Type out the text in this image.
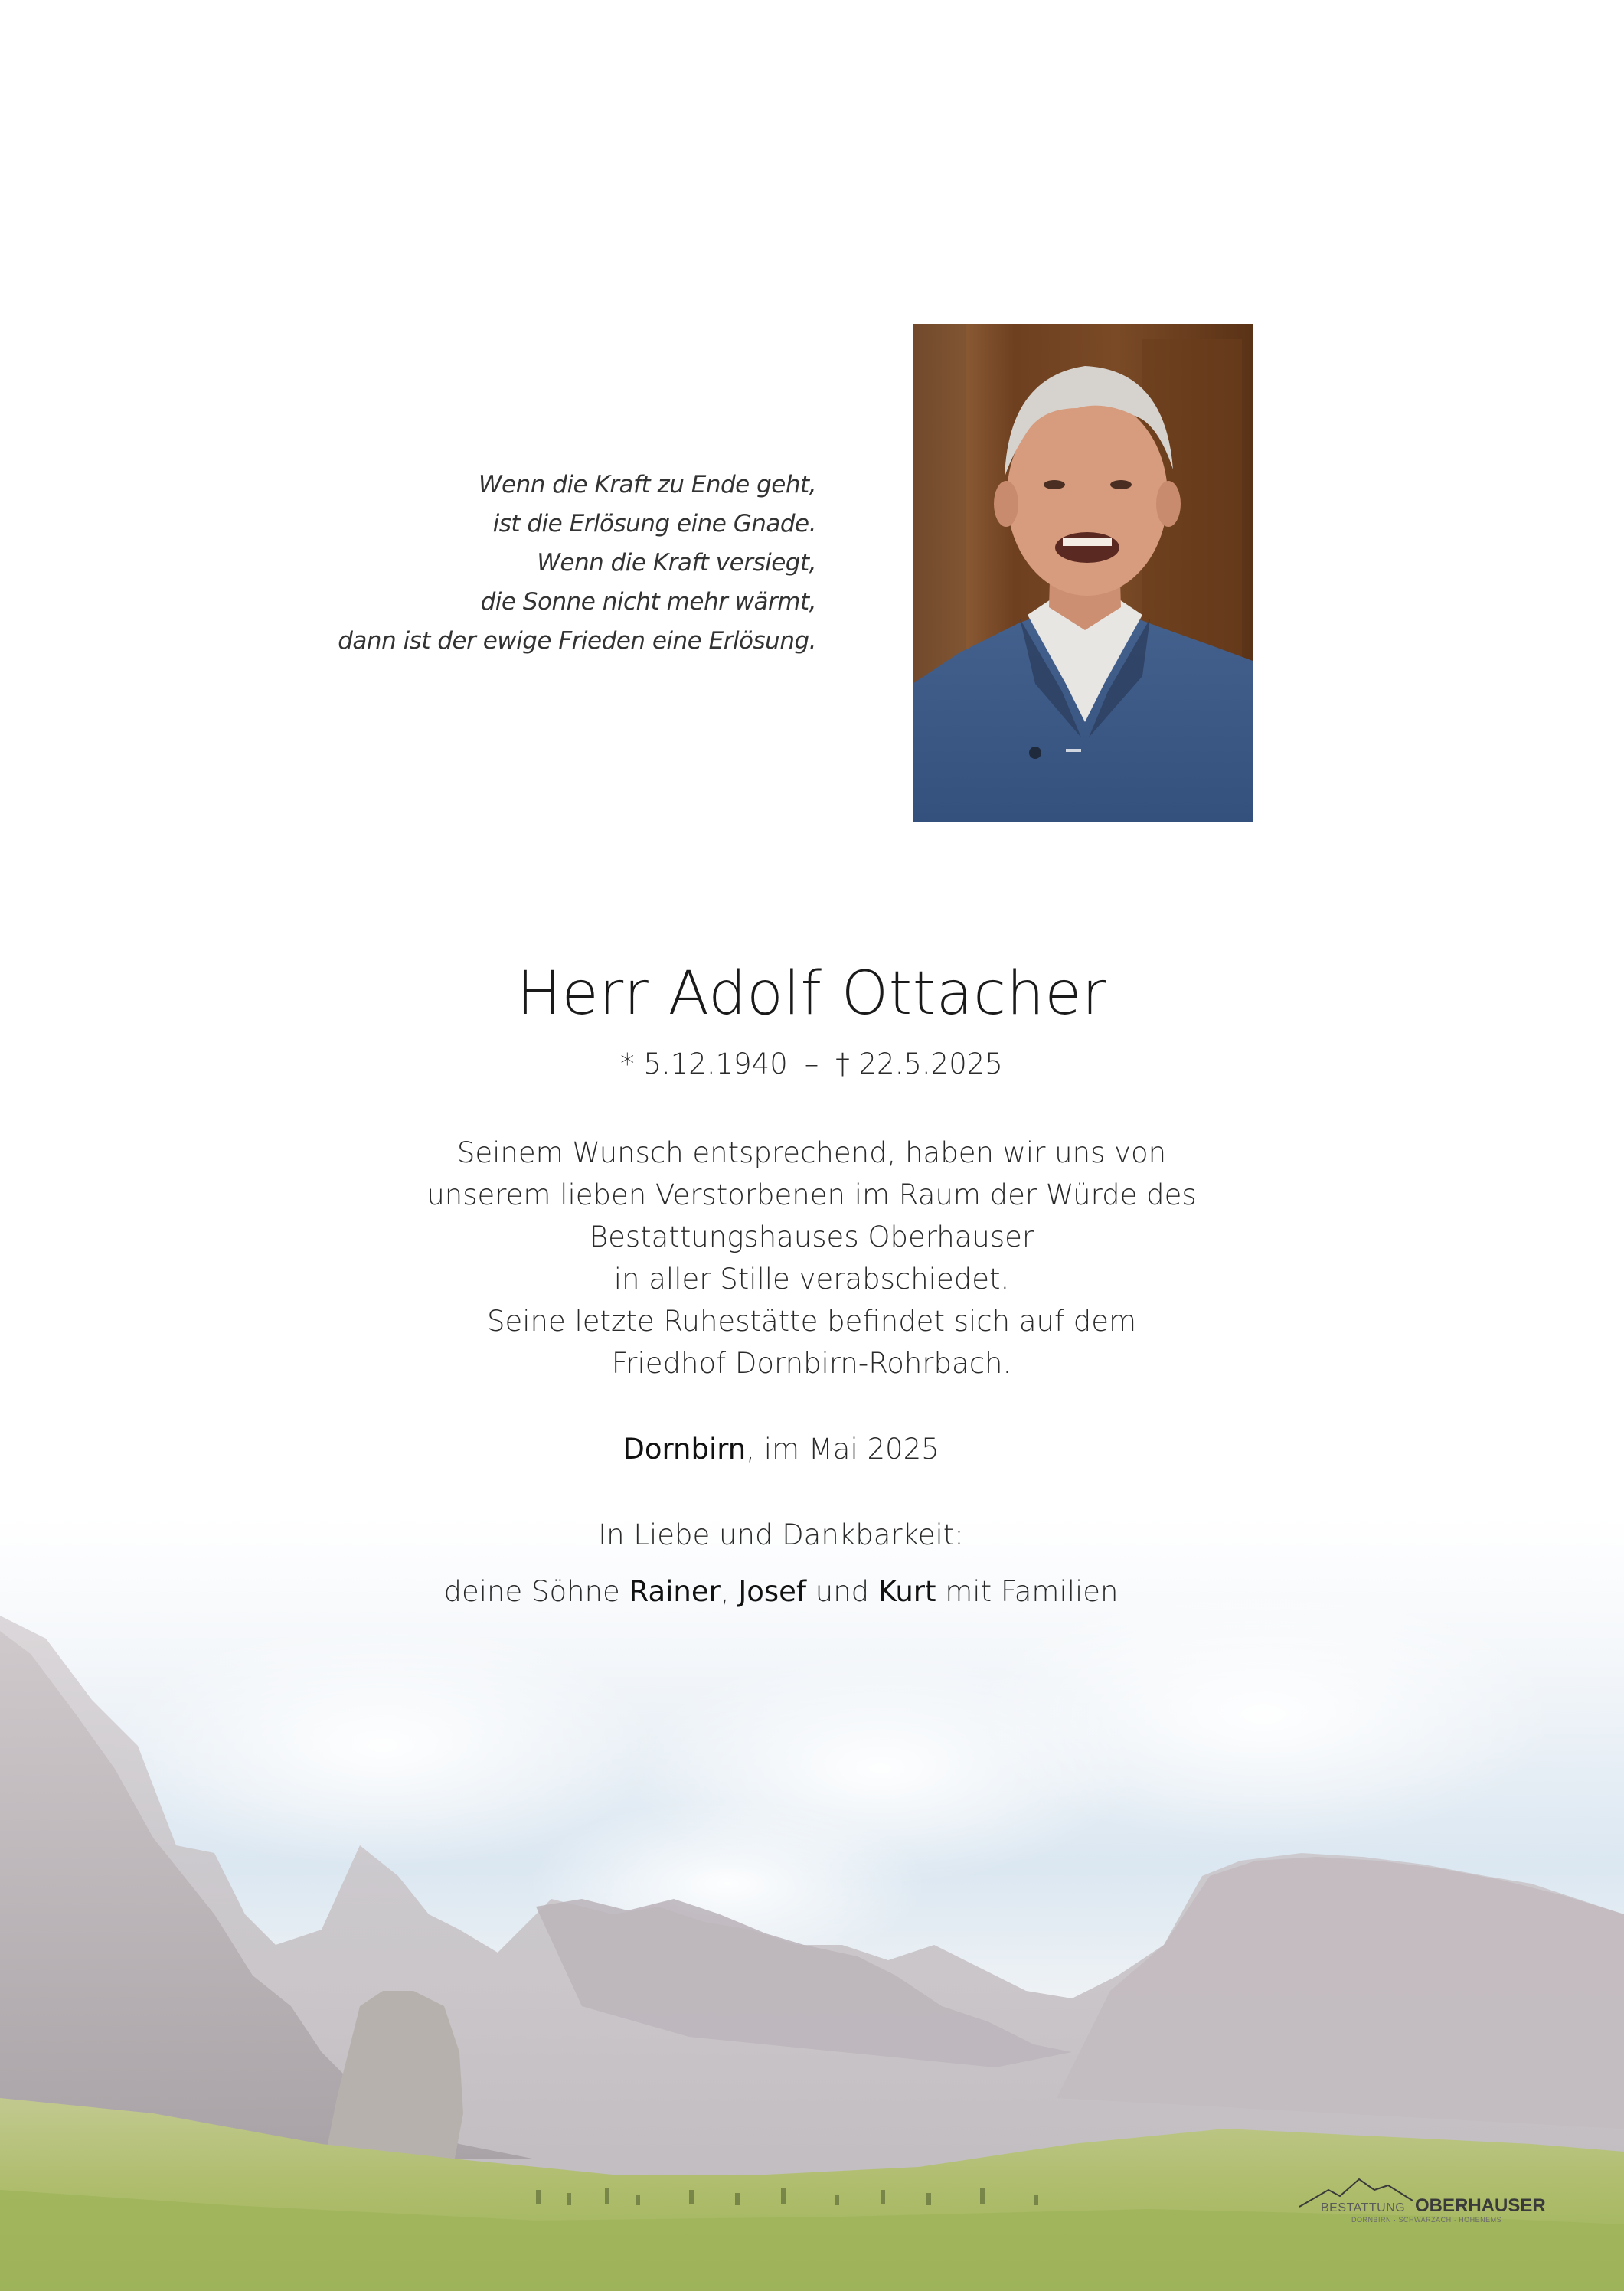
Wenn die Kraft zu Ende geht,
ist die Erlösung eine Gnade.
Wenn die Kraft versiegt,
die Sonne nicht mehr wärmt,
dann ist der ewige Frieden eine Erlösung.
Herr Adolf Ottacher
* 5.12.1940 – † 22.5.2025
Seinem Wunsch entsprechend, haben wir uns von
unserem lieben Verstorbenen im Raum der Würde des
Bestattungshauses Oberhauser
in aller Stille verabschiedet.
Seine letzte Ruhestätte befindet sich auf dem
Friedhof Dornbirn-Rohrbach.
Dornbirn, im Mai 2025
In Liebe und Dankbarkeit:
deine Söhne Rainer, Josef und Kurt mit Familien
BESTATTUNG OBERHAUSER
DORNBIRN · SCHWARZACH · HOHENEMS
